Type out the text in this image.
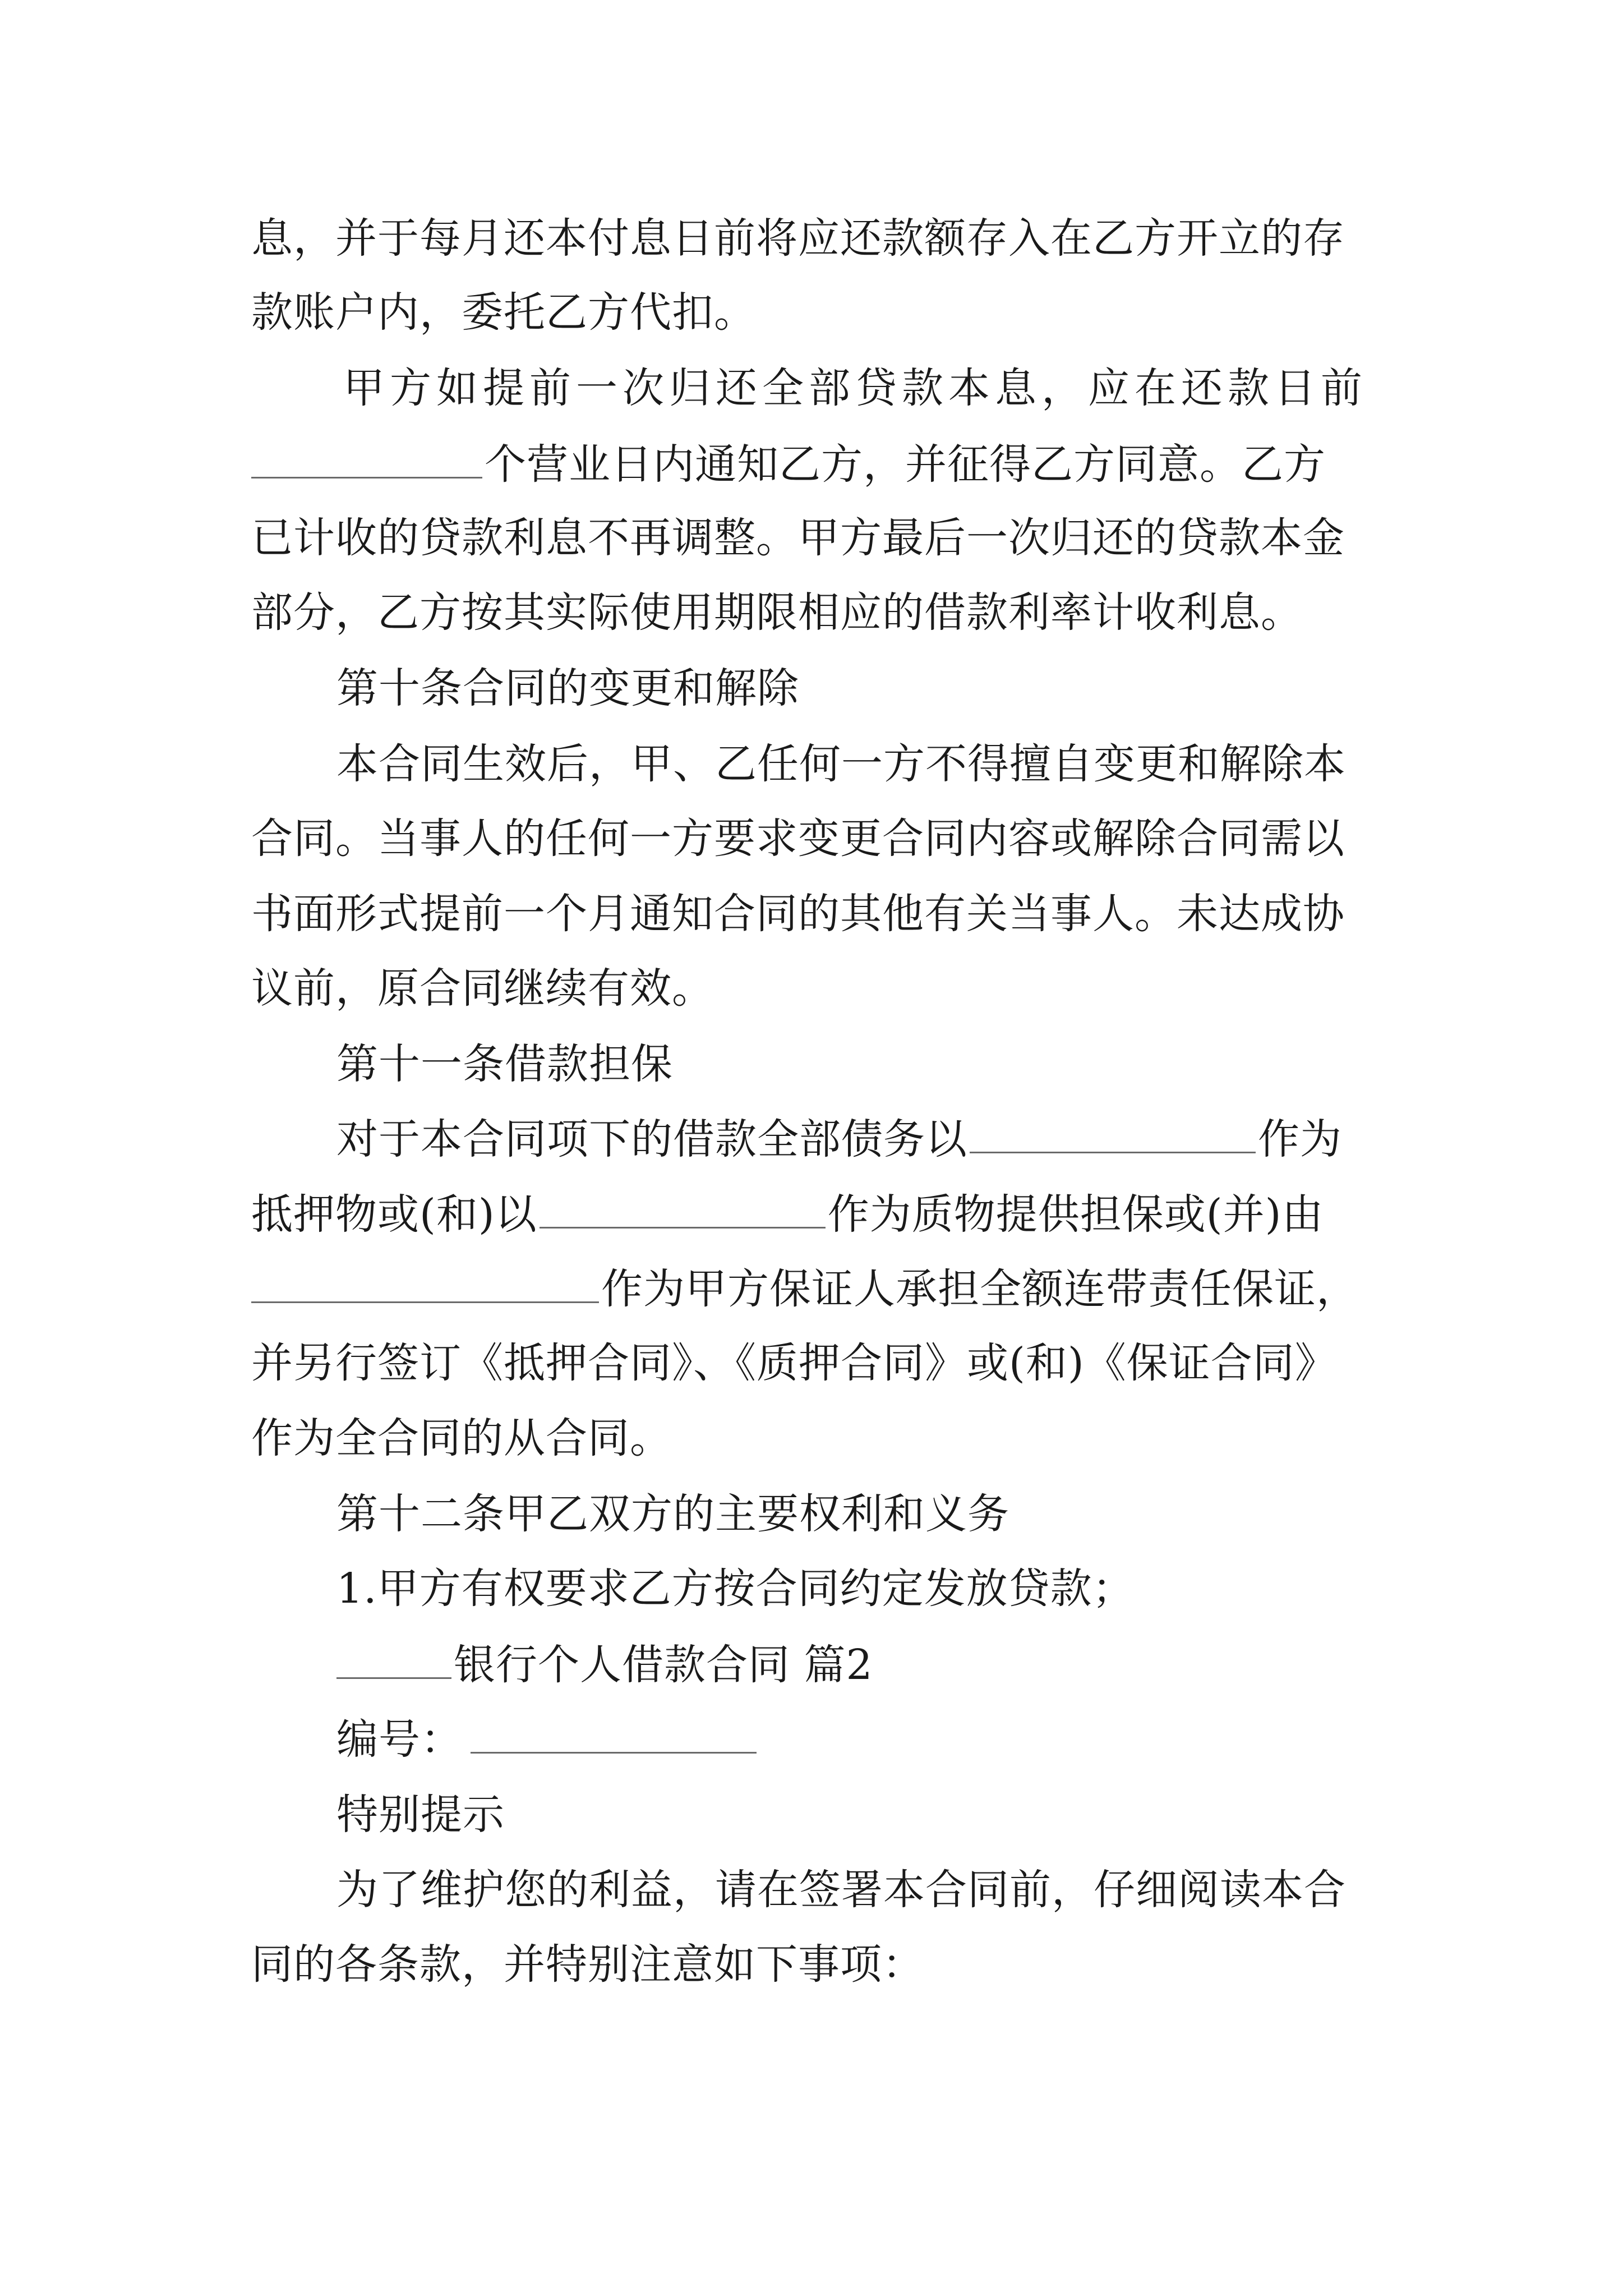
息，并于每月还本付息日前将应还款额存入在乙方开立的存
款账户内，委托乙方代扣。
甲方如提前一次归还全部贷款本息，应在还款日前
个营业日内通知乙方，并征得乙方同意。乙方
已计收的贷款利息不再调整。甲方最后一次归还的贷款本金
部分，乙方按其实际使用期限相应的借款利率计收利息。
第十条合同的变更和解除
本合同生效后，甲、乙任何一方不得擅自变更和解除本
合同。当事人的任何一方要求变更合同内容或解除合同需以
书面形式提前一个月通知合同的其他有关当事人。未达成协
议前，原合同继续有效。
第十一条借款担保
对于本合同项下的借款全部债务以	作为
抵押物或(和)以	作为质物提供担保或(并)由
作为甲方保证人承担全额连带责任保证，
并另行签订《抵押合同》、《质押合同》或(和)《保证合同》
作为全合同的从合同。
第十二条甲乙双方的主要权利和义务
1.甲方有权要求乙方按合同约定发放贷款；
银行个人借款合同 篇2
编号：
特别提示
为了维护您的利益，请在签署本合同前，仔细阅读本合
同的各条款，并特别注意如下事项：
